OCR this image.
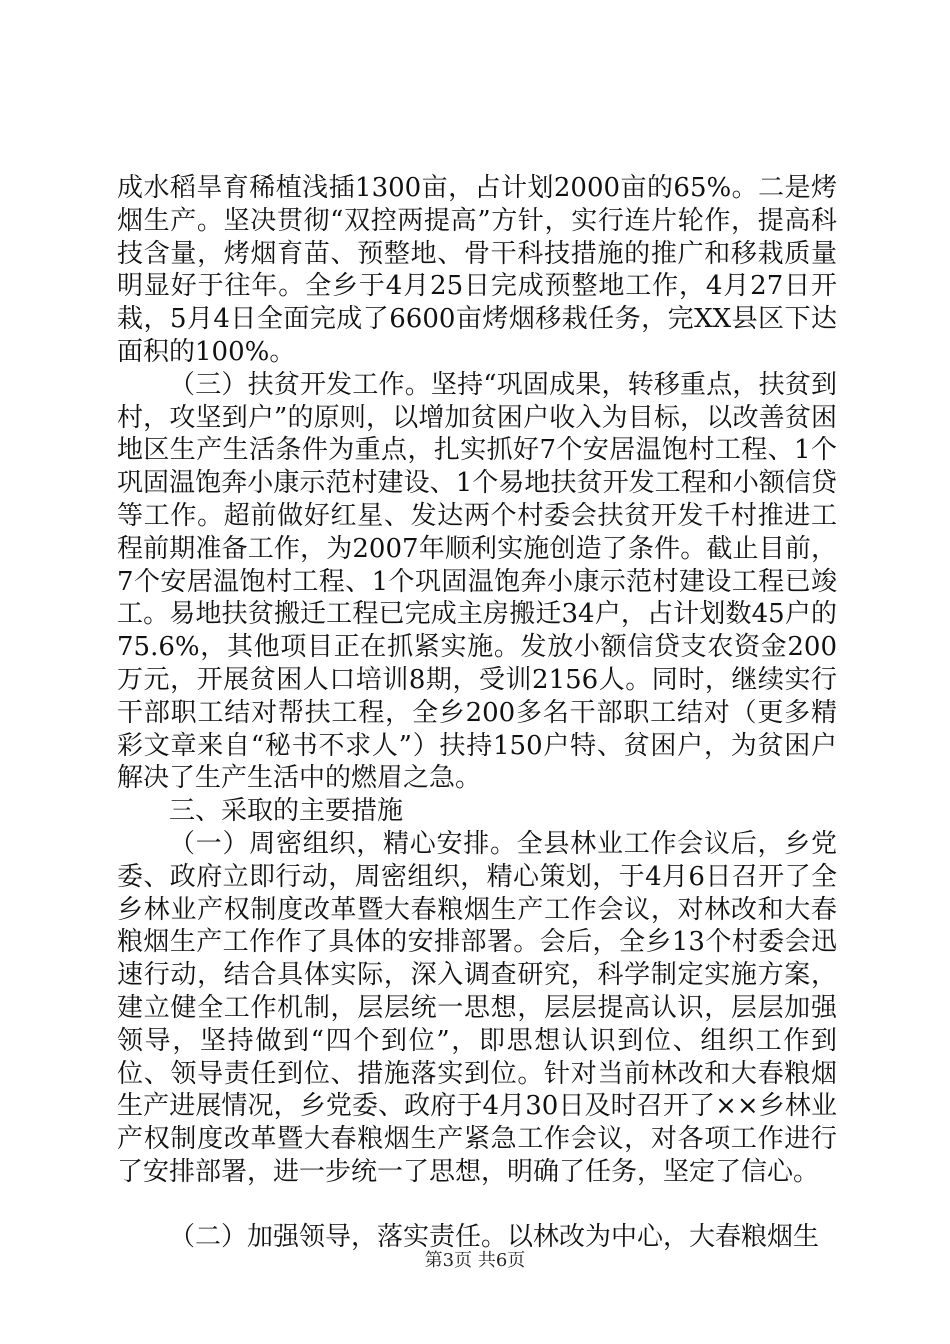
成水稻旱育稀植浅插1300亩，占计划2000亩的65%。二是烤烟生产。坚决贯彻“双控两提高”方针，实行连片轮作，提高科技含量，烤烟育苗、预整地、骨干科技措施的推广和移栽质量明显好于往年。全乡于4月25日完成预整地工作，4月27日开栽，5月4日全面完成了6600亩烤烟移栽任务，完XX县区下达面积的100%。

（三）扶贫开发工作。坚持“巩固成果，转移重点，扶贫到村，攻坚到户”的原则，以增加贫困户收入为目标，以改善贫困地区生产生活条件为重点，扎实抓好7个安居温饱村工程、1个巩固温饱奔小康示范村建设、1个易地扶贫开发工程和小额信贷等工作。超前做好红星、发达两个村委会扶贫开发千村推进工程前期准备工作，为2007年顺利实施创造了条件。截止目前，7个安居温饱村工程、1个巩固温饱奔小康示范村建设工程已竣工。易地扶贫搬迁工程已完成主房搬迁34户，占计划数45户的75.6%，其他项目正在抓紧实施。发放小额信贷支农资金200万元，开展贫困人口培训8期，受训2156人。同时，继续实行干部职工结对帮扶工程，全乡200多名干部职工结对（更多精彩文章来自“秘书不求人”）扶持150户特、贫困户，为贫困户解决了生产生活中的燃眉之急。

三、采取的主要措施

（一）周密组织，精心安排。全县林业工作会议后，乡党委、政府立即行动，周密组织，精心策划，于4月6日召开了全乡林业产权制度改革暨大春粮烟生产工作会议，对林改和大春粮烟生产工作作了具体的安排部署。会后，全乡13个村委会迅速行动，结合具体实际，深入调查研究，科学制定实施方案，建立健全工作机制，层层统一思想，层层提高认识，层层加强领导，坚持做到“四个到位”，即思想认识到位、组织工作到位、领导责任到位、措施落实到位。针对当前林改和大春粮烟生产进展情况，乡党委、政府于4月30日及时召开了××乡林业产权制度改革暨大春粮烟生产紧急工作会议，对各项工作进行了安排部署，进一步统一了思想，明确了任务，坚定了信心。

（二）加强领导，落实责任。以林改为中心，大春粮烟生

第3页 共6页
